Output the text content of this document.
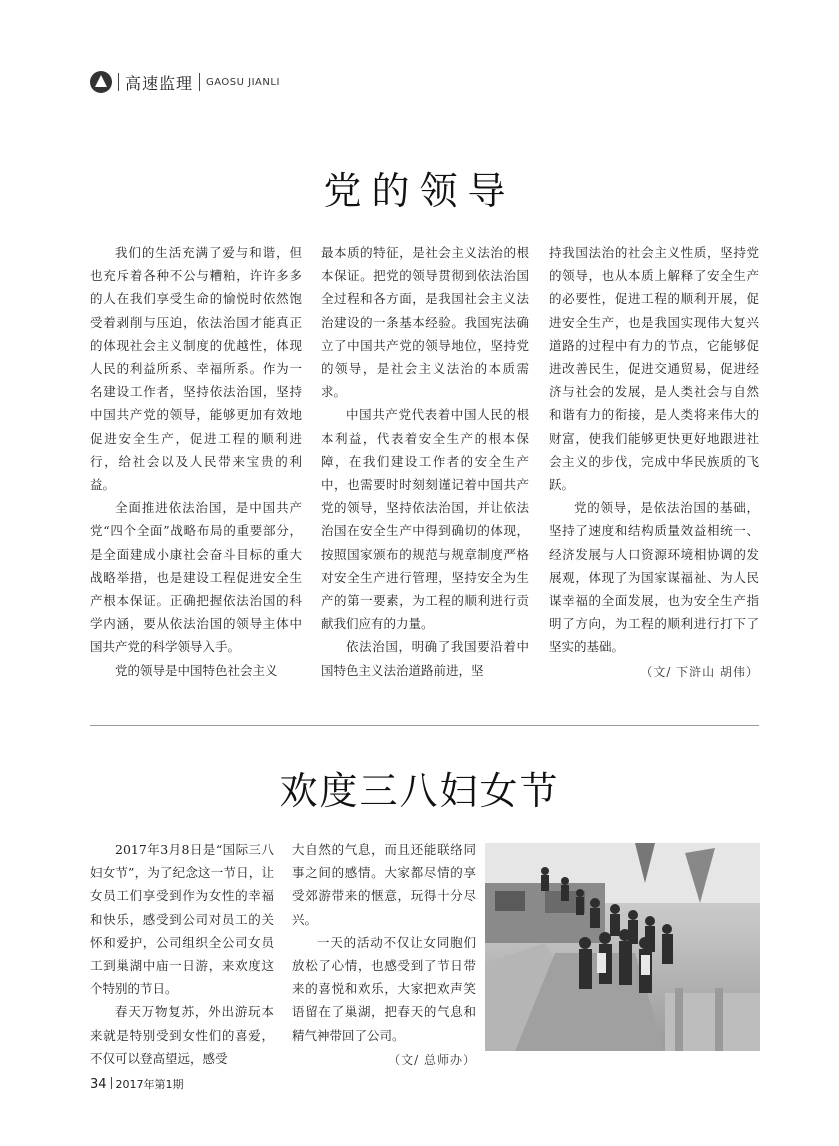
高速监理 GAOSU JIANLI
党的领导

我们的生活充满了爱与和谐，但也充斥着各种不公与糟粕，许许多多的人在我们享受生命的愉悦时依然饱受着剥削与压迫，依法治国才能真正的体现社会主义制度的优越性，体现人民的利益所系、幸福所系。作为一名建设工作者，坚持依法治国，坚持中国共产党的领导，能够更加有效地促进安全生产，促进工程的顺利进行，给社会以及人民带来宝贵的利益。

全面推进依法治国，是中国共产党“四个全面”战略布局的重要部分，是全面建成小康社会奋斗目标的重大战略举措，也是建设工程促进安全生产根本保证。正确把握依法治国的科学内涵，要从依法治国的领导主体中国共产党的科学领导入手。

党的领导是中国特色社会主义

最本质的特征，是社会主义法治的根本保证。把党的领导贯彻到依法治国全过程和各方面，是我国社会主义法治建设的一条基本经验。我国宪法确立了中国共产党的领导地位，坚持党的领导，是社会主义法治的本质需求。

中国共产党代表着中国人民的根本利益，代表着安全生产的根本保障，在我们建设工作者的安全生产中，也需要时时刻刻谨记着中国共产党的领导，坚持依法治国，并让依法治国在安全生产中得到确切的体现，按照国家颁布的规范与规章制度严格对安全生产进行管理，坚持安全为生产的第一要素，为工程的顺利进行贡献我们应有的力量。

依法治国，明确了我国要沿着中国特色主义法治道路前进，坚

持我国法治的社会主义性质，坚持党的领导，也从本质上解释了安全生产的必要性，促进工程的顺利开展，促进安全生产，也是我国实现伟大复兴道路的过程中有力的节点，它能够促进改善民生，促进交通贸易，促进经济与社会的发展，是人类社会与自然和谐有力的衔接，是人类将来伟大的财富，使我们能够更快更好地跟进社会主义的步伐，完成中华民族质的飞跃。

党的领导，是依法治国的基础，坚持了速度和结构质量效益相统一、经济发展与人口资源环境相协调的发展观，体现了为国家谋福祉、为人民谋幸福的全面发展，也为安全生产指明了方向，为工程的顺利进行打下了坚实的基础。

（文/ 下浒山 胡伟）
欢度三八妇女节

2017年3月8日是“国际三八妇女节”，为了纪念这一节日，让女员工们享受到作为女性的幸福和快乐，感受到公司对员工的关怀和爱护，公司组织全公司女员工到巢湖中庙一日游，来欢度这个特别的节日。

春天万物复苏，外出游玩本来就是特别受到女性们的喜爱，不仅可以登高望远，感受

大自然的气息，而且还能联络同事之间的感情。大家都尽情的享受郊游带来的惬意，玩得十分尽兴。

一天的活动不仅让女同胞们放松了心情，也感受到了节日带来的喜悦和欢乐，大家把欢声笑语留在了巢湖，把春天的气息和精气神带回了公司。

（文/ 总师办）
34 2017年第1期
